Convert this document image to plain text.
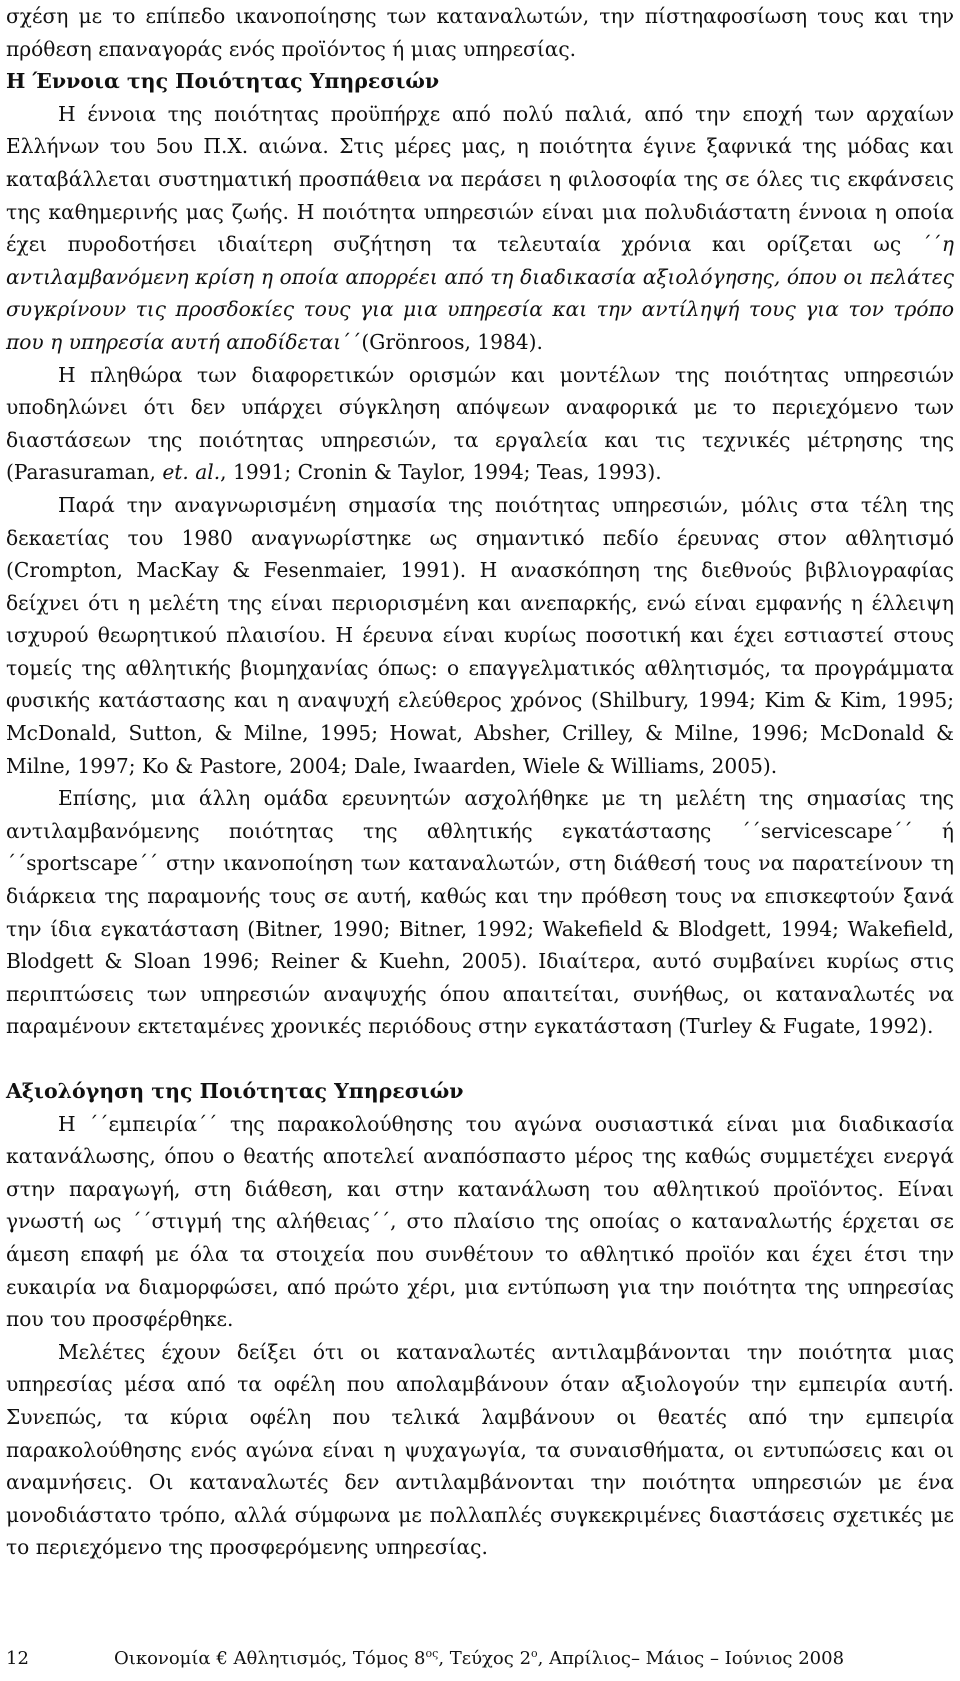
σχέση με το επίπεδο ικανοποίησης των καταναλωτών, την πίστηαφοσίωση τους και την πρόθεση επαναγοράς ενός προϊόντος ή μιας υπηρεσίας.

Η Έννοια της Ποιότητας Υπηρεσιών

Η έννοια της ποιότητας προϋπήρχε από πολύ παλιά, από την εποχή των αρχαίων Ελλήνων του 5ου Π.Χ. αιώνα. Στις μέρες μας, η ποιότητα έγινε ξαφνικά της μόδας και καταβάλλεται συστηματική προσπάθεια να περάσει η φιλοσοφία της σε όλες τις εκφάνσεις της καθημερινής μας ζωής. Η ποιότητα υπηρεσιών είναι μια πολυδιάστατη έννοια η οποία έχει πυροδοτήσει ιδιαίτερη συζήτηση τα τελευταία χρόνια και ορίζεται ως ΄΄η αντιλαμβανόμενη κρίση η οποία απορρέει από τη διαδικασία αξιολόγησης, όπου οι πελάτες συγκρίνουν τις προσδοκίες τους για μια υπηρεσία και την αντίληψή τους για τον τρόπο που η υπηρεσία αυτή αποδίδεται΄΄(Grönroos, 1984).

Η πληθώρα των διαφορετικών ορισμών και μοντέλων της ποιότητας υπηρεσιών υποδηλώνει ότι δεν υπάρχει σύγκληση απόψεων αναφορικά με το περιεχόμενο των διαστάσεων της ποιότητας υπηρεσιών, τα εργαλεία και τις τεχνικές μέτρησης της (Parasuraman, et. al., 1991; Cronin & Taylor, 1994; Teas, 1993).

Παρά την αναγνωρισμένη σημασία της ποιότητας υπηρεσιών, μόλις στα τέλη της δεκαετίας του 1980 αναγνωρίστηκε ως σημαντικό πεδίο έρευνας στον αθλητισμό (Crompton, MacKay & Fesenmaier, 1991). Η ανασκόπηση της διεθνούς βιβλιογραφίας δείχνει ότι η μελέτη της είναι περιορισμένη και ανεπαρκής, ενώ είναι εμφανής η έλλειψη ισχυρού θεωρητικού πλαισίου. Η έρευνα είναι κυρίως ποσοτική και έχει εστιαστεί στους τομείς της αθλητικής βιομηχανίας όπως: ο επαγγελματικός αθλητισμός, τα προγράμματα φυσικής κατάστασης και η αναψυχή ελεύθερος χρόνος (Shilbury, 1994; Kim & Kim, 1995; McDonald, Sutton, & Milne, 1995; Howat, Absher, Crilley, & Milne, 1996; McDonald & Milne, 1997; Ko & Pastore, 2004; Dale, Iwaarden, Wiele & Williams, 2005).

Επίσης, μια άλλη ομάδα ερευνητών ασχολήθηκε με τη μελέτη της σημασίας της αντιλαμβανόμενης ποιότητας της αθλητικής εγκατάστασης ΄΄servicescape΄΄ ή ΄΄sportscape΄΄ στην ικανοποίηση των καταναλωτών, στη διάθεσή τους να παρατείνουν τη διάρκεια της παραμονής τους σε αυτή, καθώς και την πρόθεση τους να επισκεφτούν ξανά την ίδια εγκατάσταση (Bitner, 1990; Bitner, 1992; Wakefield & Blodgett, 1994; Wakefield, Blodgett & Sloan 1996; Reiner & Kuehn, 2005). Ιδιαίτερα, αυτό συμβαίνει κυρίως στις περιπτώσεις των υπηρεσιών αναψυχής όπου απαιτείται, συνήθως, οι καταναλωτές να παραμένουν εκτεταμένες χρονικές περιόδους στην εγκατάσταση (Turley & Fugate, 1992).

Αξιολόγηση της Ποιότητας Υπηρεσιών

Η ΄΄εμπειρία΄΄ της παρακολούθησης του αγώνα ουσιαστικά είναι μια διαδικασία κατανάλωσης, όπου ο θεατής αποτελεί αναπόσπαστο μέρος της καθώς συμμετέχει ενεργά στην παραγωγή, στη διάθεση, και στην κατανάλωση του αθλητικού προϊόντος. Είναι γνωστή ως ΄΄στιγμή της αλήθειας΄΄, στο πλαίσιο της οποίας ο καταναλωτής έρχεται σε άμεση επαφή με όλα τα στοιχεία που συνθέτουν το αθλητικό προϊόν και έχει έτσι την ευκαιρία να διαμορφώσει, από πρώτο χέρι, μια εντύπωση για την ποιότητα της υπηρεσίας που του προσφέρθηκε.

Μελέτες έχουν δείξει ότι οι καταναλωτές αντιλαμβάνονται την ποιότητα μιας υπηρεσίας μέσα από τα οφέλη που απολαμβάνουν όταν αξιολογούν την εμπειρία αυτή. Συνεπώς, τα κύρια οφέλη που τελικά λαμβάνουν οι θεατές από την εμπειρία παρακολούθησης ενός αγώνα είναι η ψυχαγωγία, τα συναισθήματα, οι εντυπώσεις και οι αναμνήσεις. Οι καταναλωτές δεν αντιλαμβάνονται την ποιότητα υπηρεσιών με ένα μονοδιάστατο τρόπο, αλλά σύμφωνα με πολλαπλές συγκεκριμένες διαστάσεις σχετικές με το περιεχόμενο της προσφερόμενης υπηρεσίας.

12	Οικονομία € Αθλητισμός, Τόμος $8^{o\varsigma}$, Τεύχος $2^o$, Απρίλιος– Μάιος – Ιούνιος 2008
